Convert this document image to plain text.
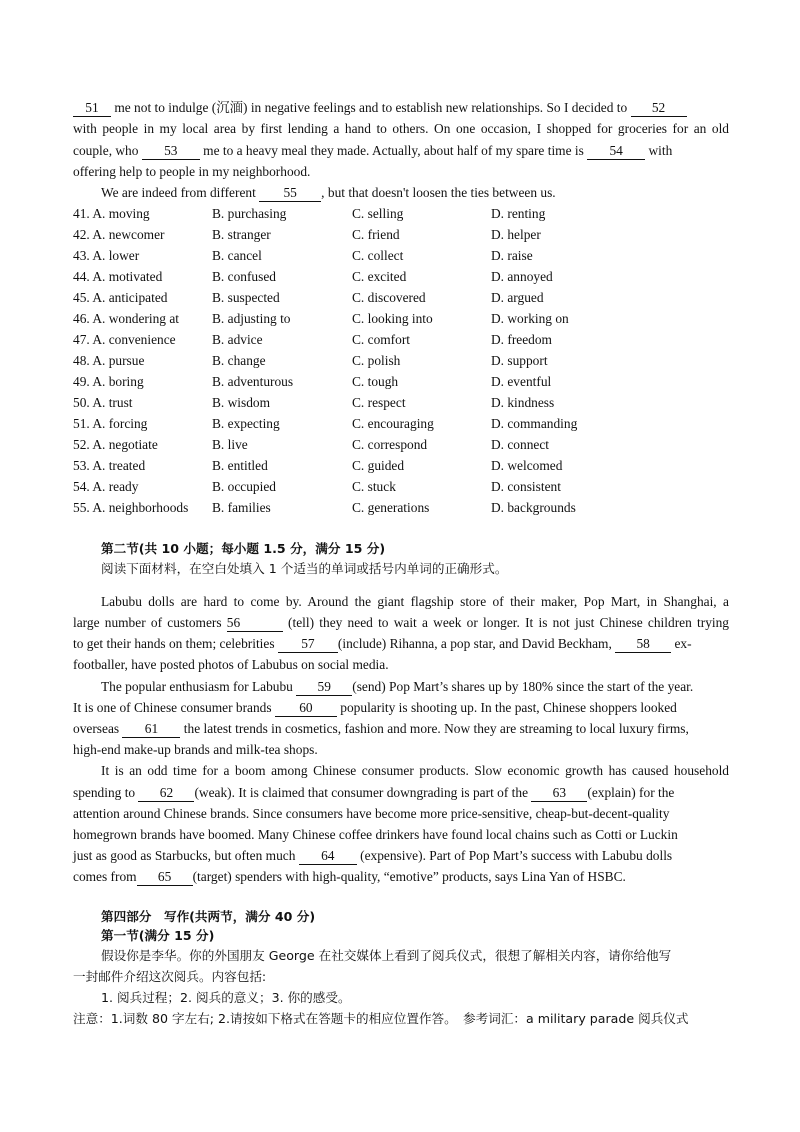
51 me not to indulge (沉湎) in negative feelings and to establish new relationships. So I decided to 52

with people in my local area by first lending a hand to others. On one occasion, I shopped for groceries for an old

couple, who 53 me to a heavy meal they made. Actually, about half of my spare time is 54 with

offering help to people in my neighborhood.

We are indeed from different 55 , but that doesn't loosen the ties between us.

41. A. moving	B. purchasing	C. selling	D. renting
42. A. newcomer	B. stranger	C. friend	D. helper
43. A. lower	B. cancel	C. collect	D. raise
44. A. motivated	B. confused	C. excited	D. annoyed
45. A. anticipated	B. suspected	C. discovered	D. argued
46. A. wondering at B. adjusting to	C. looking into	D. working on
47. A. convenience	B. advice	C. comfort	D. freedom
48. A. pursue	B. change	C. polish	D. support
49. A. boring	B. adventurous	C. tough	D. eventful
50. A. trust	B. wisdom	C. respect	D. kindness
51. A. forcing	B. expecting	C. encouraging	D. commanding
52. A. negotiate	B. live	C. correspond	D. connect
53. A. treated	B. entitled	C. guided	D. welcomed
54. A. ready	B. occupied	C. stuck	D. consistent
55. A. neighborhoods B. families	C. generations	D. backgrounds

第二节(共 10 小题；每小题 1.5 分，满分 15 分)

阅读下面材料，在空白处填入 1 个适当的单词或括号内单词的正确形式。

Labubu dolls are hard to come by. Around the giant flagship store of their maker, Pop Mart, in Shanghai, a

large number of customers 56	(tell) they need to wait a week or longer. It is not just Chinese children trying

to get their hands on them; celebrities 57 (include) Rihanna, a pop star, and David Beckham, 58 ex-

footballer, have posted photos of Labubus on social media.

The popular enthusiasm for Labubu 59 (send) Pop Mart’s shares up by 180% since the start of the year.

It is one of Chinese consumer brands 60 popularity is shooting up. In the past, Chinese shoppers looked

overseas 61 the latest trends in cosmetics, fashion and more. Now they are streaming to local luxury firms,

high-end make-up brands and milk-tea shops.

It is an odd time for a boom among Chinese consumer products. Slow economic growth has caused household

spending to 62 (weak). It is claimed that consumer downgrading is part of the 63 (explain) for the

attention around Chinese brands. Since consumers have become more price-sensitive, cheap-but-decent-quality

homegrown brands have boomed. Many Chinese coffee drinkers have found local chains such as Cotti or Luckin

just as good as Starbucks, but often much 64 (expensive). Part of Pop Mart’s success with Labubu dolls

comes from 65 (target) spenders with high-quality, “emotive” products, says Lina Yan of HSBC.

第四部分　写作(共两节，满分 40 分)

第一节(满分 15 分)

假设你是李华。你的外国朋友 George 在社交媒体上看到了阅兵仪式，很想了解相关内容，请你给他写

一封邮件介绍这次阅兵。内容包括:

1. 阅兵过程；2. 阅兵的意义；3. 你的感受。

注意：1.词数 80 字左右; 2.请按如下格式在答题卡的相应位置作答。　参考词汇：a military parade 阅兵仪式
